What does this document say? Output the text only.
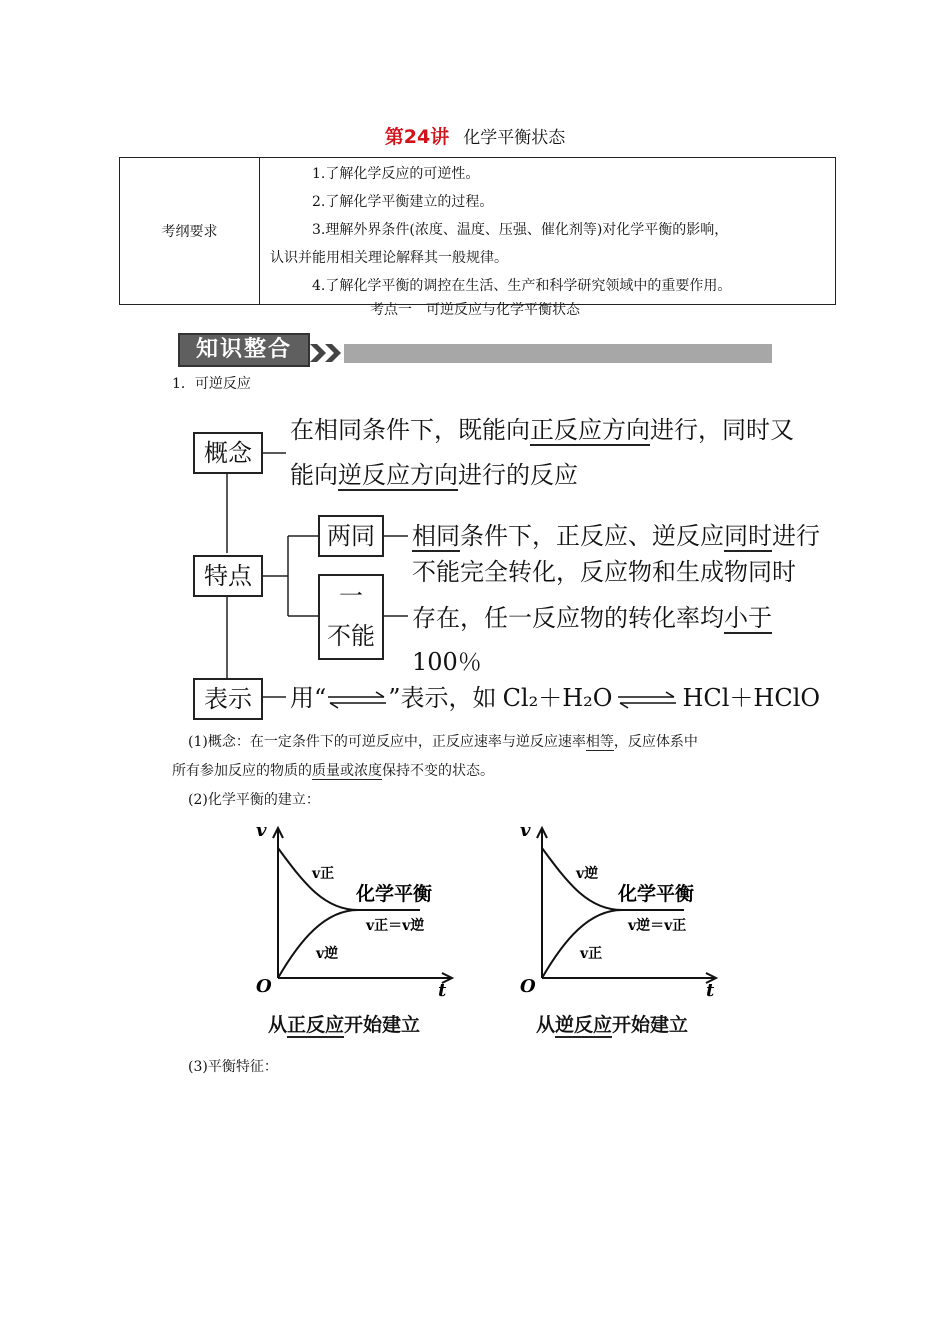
第24讲 化学平衡状态
考纲要求	
1.了解化学反应的可逆性。
2.了解化学平衡建立的过程。
3.理解外界条件(浓度、温度、压强、催化剂等)对化学平衡的影响，
认识并能用相关理论解释其一般规律。
4.了解化学平衡的调控在生活、生产和科学研究领域中的重要作用。
考点一　可逆反应与化学平衡状态
知识整合
1．可逆反应
概念
在相同条件下，既能向正反应方向进行，同时又
能向逆反应方向进行的反应
特点
两同	相同条件下，正反应、逆反应同时进行
一
不能
不能完全转化，反应物和生成物同时
存在，任一反应物的转化率均小于
100％
表示	用“⇌”表示，如 Cl₂＋H₂O ⇌ HCl＋HClO
(1)概念：在一定条件下的可逆反应中，正反应速率与逆反应速率相等，反应体系中
所有参加反应的物质的质量或浓度保持不变的状态。
(2)化学平衡的建立：
v
t
O
v正
化学平衡
v正＝v逆
v逆
从正反应开始建立
v
t
O
v逆
化学平衡
v逆＝v正
v正
从逆反应开始建立
(3)平衡特征：
